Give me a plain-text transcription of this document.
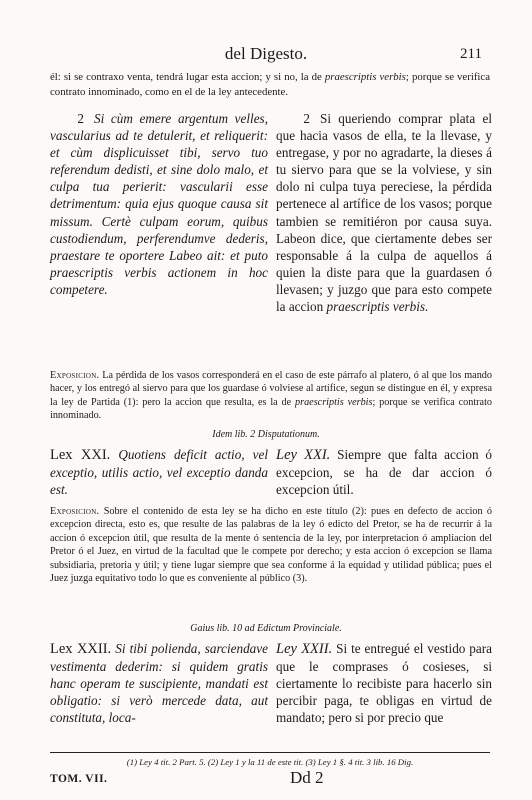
del Digesto.	211
él: si se contraxo venta, tendrá lugar esta accion; y si no, la de praescriptis verbis; porque se verifica contrato innominado, como en el de la ley antecedente.
2 Si cùm emere argentum velles, vascularius ad te detulerit, et reliquerit: et cùm displicuisset tibi, servo tuo referendum dedisti, et sine dolo malo, et culpa tua perierit: vascularii esse detrimentum: quia ejus quoque causa sit missum. Certè culpam eorum, quibus custodiendum, perferendumve dederis, praestare te oportere Labeo ait: et puto praescriptis verbis actionem in hoc competere.
2 Si queriendo comprar plata el que hacia vasos de ella, te la llevase, y entregase, y por no agradarte, la dieses á tu siervo para que se la volviese, y sin dolo ni culpa tuya pereciese, la pérdida pertenece al artífice de los vasos; porque tambien se remitiéron por causa suya. Labeon dice, que ciertamente debes ser responsable á la culpa de aquellos á quien la diste para que la guardasen ó llevasen; y juzgo que para esto compete la accion praescriptis verbis.
Exposicion. La pérdida de los vasos corresponderá en el caso de este párrafo al platero, ó al que los mando hacer, y los entregó al siervo para que los guardase ó volviese al artífice, segun se distingue en él, y expresa la ley de Partida (1): pero la accion que resulta, es la de praescriptis verbis; porque se verifica contrato innominado.
Idem lib. 2 Disputationum.
Lex XXI. Quotiens deficit actio, vel exceptio, utilis actio, vel exceptio danda est.
Ley XXI. Siempre que falta accion ó excepcion, se ha de dar accion ó excepcion útil.
Exposicion. Sobre el contenido de esta ley se ha dicho en este título (2): pues en defecto de accion ó excepcion directa, esto es, que resulte de las palabras de la ley ó edicto del Pretor, se ha de recurrir á la accion ó excepcion útil, que resulta de la mente ó sentencia de la ley, por interpretacion ó ampliacion del Pretor ó el Juez, en virtud de la facultad que le compete por derecho; y esta accion ó excepcion se llama subsidiaria, pretoria y útil; y tiene lugar siempre que sea conforme á la equidad y utilidad pública; pues el Juez juzga equitativo todo lo que es conveniente al público (3).
Gaius lib. 10 ad Edictum Provinciale.
Lex XXII. Si tibi polienda, sarciendave vestimenta dederim: si quidem gratis hanc operam te suscipiente, mandati est obligatio: si verò mercede data, aut constituta, loca-
Ley XXII. Si te entregué el vestido para que le comprases ó cosieses, si ciertamente lo recibiste para hacerlo sin percibir paga, te obligas en virtud de mandato; pero si por precio que
(1) Ley 4 tit. 2 Part. 5. (2) Ley 1 y la 11 de este tit. (3) Ley 1 §. 4 tit. 3 lib. 16 Dig.
TOM. VII.	Dd 2
